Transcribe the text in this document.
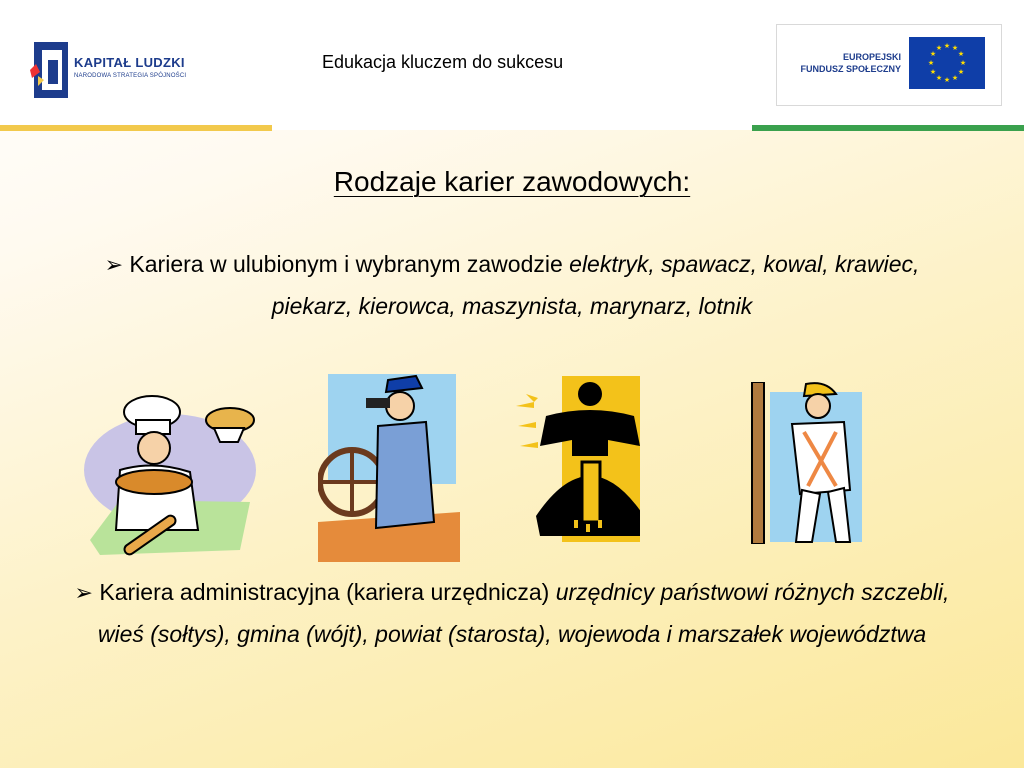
KAPITAŁ LUDZKI
NARODOWA STRATEGIA SPÓJNOŚCI
Edukacja kluczem do sukcesu	EUROPEJSKI
FUNDUSZ SPOŁECZNY
★ ★
★
★
★
★
★
★
★
★
★
★
Rodzaje karier zawodowych:
➢ Kariera w ulubionym i wybranym zawodzie elektryk, spawacz, kowal, krawiec, piekarz, kierowca, maszynista, marynarz, lotnik
➢ Kariera administracyjna (kariera urzędnicza) urzędnicy państwowi różnych szczebli, wieś (sołtys), gmina (wójt), powiat (starosta), wojewoda i marszałek województwa
